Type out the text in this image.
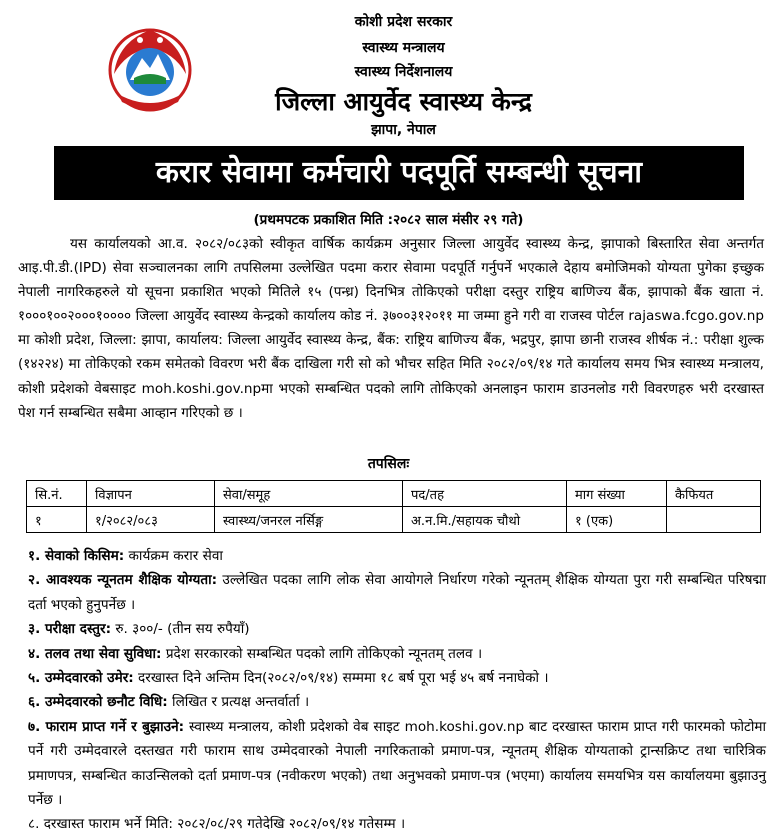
कोशी प्रदेश सरकार
स्वास्थ्य मन्त्रालय
स्वास्थ्य निर्देशनालय
जिल्ला आयुर्वेद स्वास्थ्य केन्द्र
झापा, नेपाल
करार सेवामा कर्मचारी पदपूर्ति सम्बन्धी सूचना
(प्रथमपटक प्रकाशित मिति :२०८२ साल मंसीर २९ गते)
यस कार्यालयको आ.व. २०८२/०८३को स्वीकृत वार्षिक कार्यक्रम अनुसार जिल्ला आयुर्वेद स्वास्थ्य केन्द्र, झापाको बिस्तारित सेवा अन्तर्गत आइ.पी.डी.(IPD) सेवा सञ्चालनका लागि तपसिलमा उल्लेखित पदमा करार सेवामा पदपूर्ति गर्नुपर्ने भएकाले देहाय बमोजिमको योग्यता पुगेका इच्छुक नेपाली नागरिकहरुले यो सूचना प्रकाशित भएको मितिले १५ (पन्ध्र) दिनभित्र तोकिएको परीक्षा दस्तुर राष्ट्रिय बाणिज्य बैंक, झापाको बैंक खाता नं. १०००१००२०००१०००० जिल्ला आयुर्वेद स्वास्थ्य केन्द्रको कार्यालय कोड नं. ३७००३१२०११ मा जम्मा हुने गरी वा राजस्व पोर्टल rajaswa.fcgo.gov.np मा कोशी प्रदेश, जिल्ला: झापा, कार्यालय: जिल्ला आयुर्वेद स्वास्थ्य केन्द्र, बैंक: राष्ट्रिय बाणिज्य बैंक, भद्रपुर, झापा छानी राजस्व शीर्षक नं.: परीक्षा शुल्क (१४२२४) मा तोकिएको रकम समेतको विवरण भरी बैंक दाखिला गरी सो को भौचर सहित मिति २०८२/०९/१४ गते कार्यालय समय भित्र स्वास्थ्य मन्त्रालय, कोशी प्रदेशको वेबसाइट moh.koshi.gov.npमा भएको सम्बन्धित पदको लागि तोकिएको अनलाइन फाराम डाउनलोड गरी विवरणहरु भरी दरखास्त पेश गर्न सम्बन्धित सबैमा आव्हान गरिएको छ ।
तपसिलः
सि.नं.	विज्ञापन	सेवा/समूह	पद/तह	माग संख्या	कैफियत
१	१/२०८२/०८३	स्वास्थ्य/जनरल नर्सिङ्ग	अ.न.मि./सहायक चौथो	१ (एक)	
१. सेवाको किसिम: कार्यक्रम करार सेवा
२. आवश्यक न्यूनतम शैक्षिक योग्यता: उल्लेखित पदका लागि लोक सेवा आयोगले निर्धारण गरेको न्यूनतम् शैक्षिक योग्यता पुरा गरी सम्बन्धित परिषद्मा दर्ता भएको हुनुपर्नेछ ।
३. परीक्षा दस्तुर: रु. ३००/- (तीन सय रुपैयाँ)
४. तलव तथा सेवा सुविधा: प्रदेश सरकारको सम्बन्धित पदको लागि तोकिएको न्यूनतम् तलव ।
५. उम्मेदवारको उमेर: दरखास्त दिने अन्तिम दिन(२०८२/०९/१४) सम्ममा १८ बर्ष पूरा भई ४५ बर्ष ननाघेको ।
६. उम्मेदवारको छनौट विधि: लिखित र प्रत्यक्ष अन्तर्वार्ता ।
७. फाराम प्राप्त गर्ने र बुझाउने: स्वास्थ्य मन्त्रालय, कोशी प्रदेशको वेब साइट moh.koshi.gov.np बाट दरखास्त फाराम प्राप्त गरी फारमको फोटोमा पर्ने गरी उम्मेदवारले दस्तखत गरी फाराम साथ उम्मेदवारको नेपाली नगरिकताको प्रमाण-पत्र, न्यूनतम् शैक्षिक योग्यताको ट्रान्सक्रिप्ट तथा चारित्रिक प्रमाणपत्र, सम्बन्धित काउन्सिलको दर्ता प्रमाण-पत्र (नवीकरण भएको) तथा अनुभवको प्रमाण-पत्र (भएमा) कार्यालय समयभित्र यस कार्यालयमा बुझाउनु पर्नेछ ।
८. दरखास्त फाराम भर्ने मिति: २०८२/०८/२९ गतेदेखि २०८२/०९/१४ गतेसम्म ।
